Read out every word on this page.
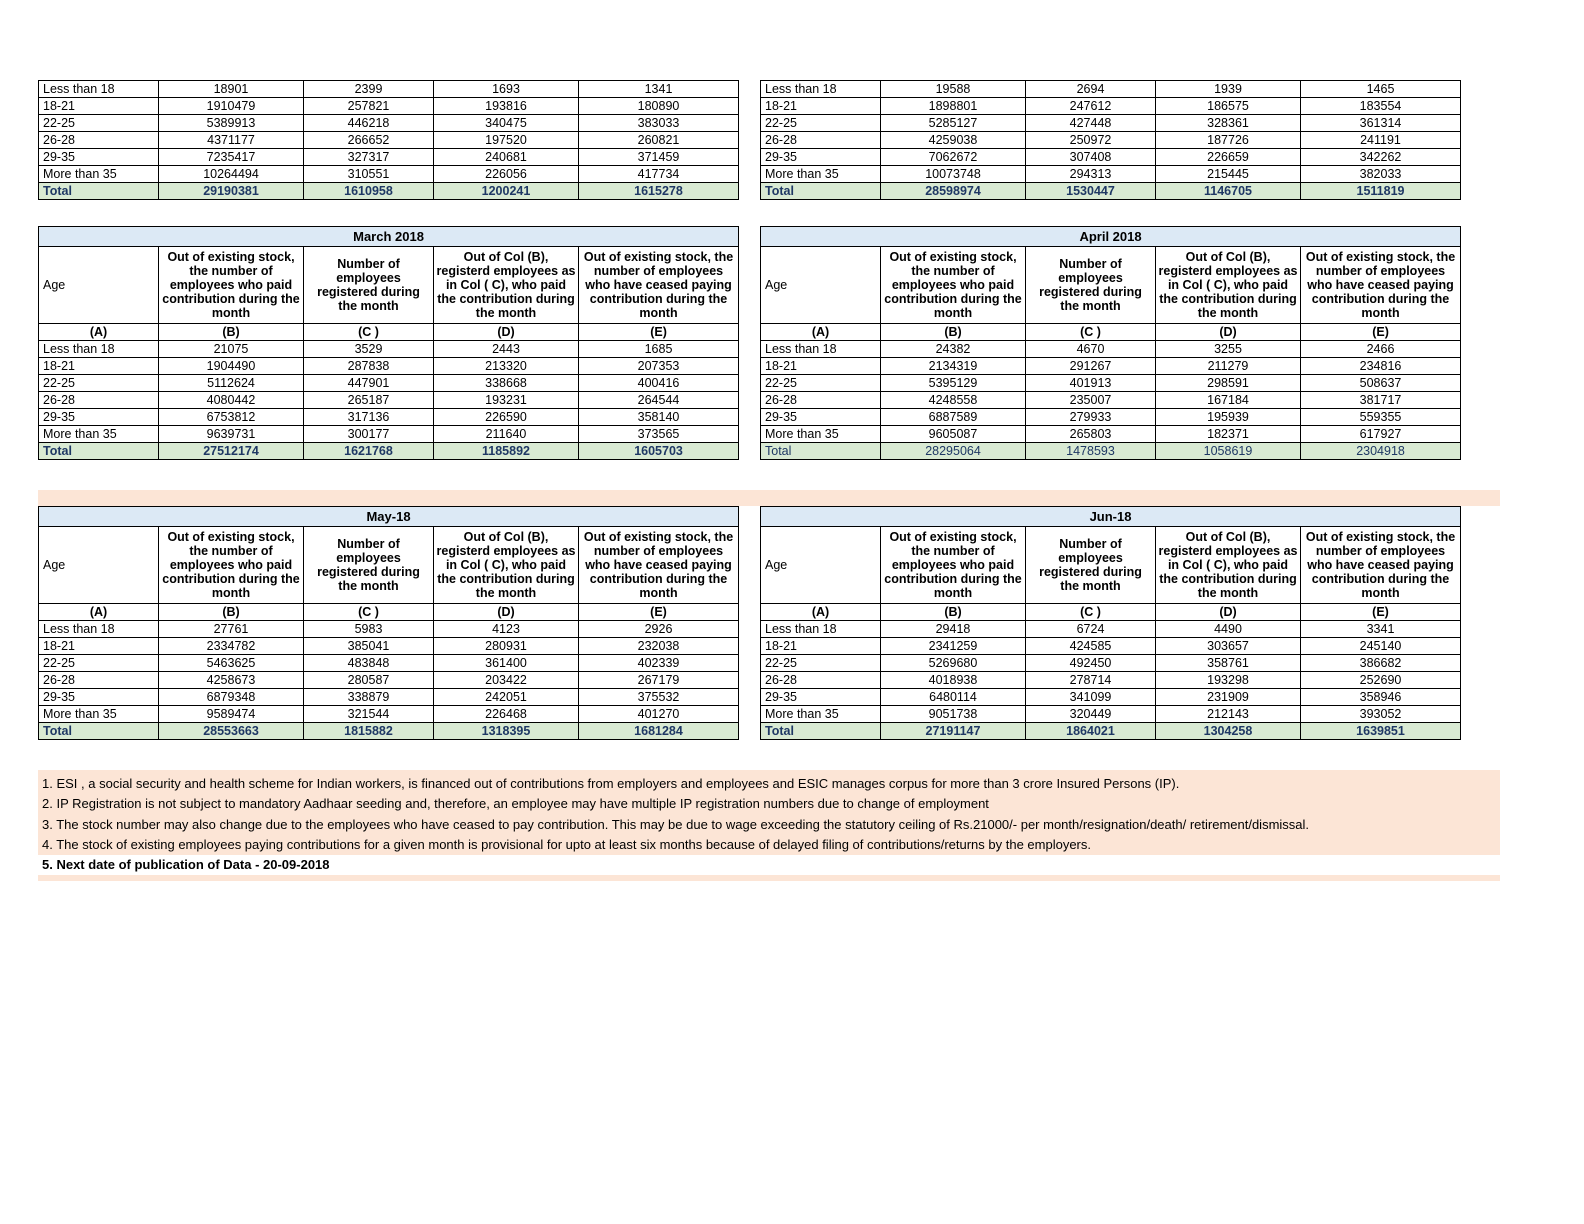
Less than 18	18901	2399	1693	1341
18-21	1910479	257821	193816	180890
22-25	5389913	446218	340475	383033
26-28	4371177	266652	197520	260821
29-35	7235417	327317	240681	371459
More than 35	10264494	310551	226056	417734
Total	29190381	1610958	1200241	1615278
Less than 18	19588	2694	1939	1465
18-21	1898801	247612	186575	183554
22-25	5285127	427448	328361	361314
26-28	4259038	250972	187726	241191
29-35	7062672	307408	226659	342262
More than 35	10073748	294313	215445	382033
Total	28598974	1530447	1146705	1511819
March 2018				
Age	Out of existing stock, the number of employees who paid contribution during the month	Number of employees registered during the month	Out of Col (B), registerd employees as in Col ( C), who paid the contribution during the month	Out of existing stock, the number of employees who have ceased paying contribution during the month
(A)	(B)	(C )	(D)	(E)
Less than 18	21075	3529	2443	1685
18-21	1904490	287838	213320	207353
22-25	5112624	447901	338668	400416
26-28	4080442	265187	193231	264544
29-35	6753812	317136	226590	358140
More than 35	9639731	300177	211640	373565
Total	27512174	1621768	1185892	1605703
April 2018				
Age	Out of existing stock, the number of employees who paid contribution during the month	Number of employees registered during the month	Out of Col (B), registerd employees as in Col ( C), who paid the contribution during the month	Out of existing stock, the number of employees who have ceased paying contribution during the month
(A)	(B)	(C )	(D)	(E)
Less than 18	24382	4670	3255	2466
18-21	2134319	291267	211279	234816
22-25	5395129	401913	298591	508637
26-28	4248558	235007	167184	381717
29-35	6887589	279933	195939	559355
More than 35	9605087	265803	182371	617927
Total	28295064	1478593	1058619	2304918
May-18				
Age	Out of existing stock, the number of employees who paid contribution during the month	Number of employees registered during the month	Out of Col (B), registerd employees as in Col ( C), who paid the contribution during the month	Out of existing stock, the number of employees who have ceased paying contribution during the month
(A)	(B)	(C )	(D)	(E)
Less than 18	27761	5983	4123	2926
18-21	2334782	385041	280931	232038
22-25	5463625	483848	361400	402339
26-28	4258673	280587	203422	267179
29-35	6879348	338879	242051	375532
More than 35	9589474	321544	226468	401270
Total	28553663	1815882	1318395	1681284
Jun-18				
Age	Out of existing stock, the number of employees who paid contribution during the month	Number of employees registered during the month	Out of Col (B), registerd employees as in Col ( C), who paid the contribution during the month	Out of existing stock, the number of employees who have ceased paying contribution during the month
(A)	(B)	(C )	(D)	(E)
Less than 18	29418	6724	4490	3341
18-21	2341259	424585	303657	245140
22-25	5269680	492450	358761	386682
26-28	4018938	278714	193298	252690
29-35	6480114	341099	231909	358946
More than 35	9051738	320449	212143	393052
Total	27191147	1864021	1304258	1639851
1. ESI , a social security and health scheme for Indian workers, is financed out of contributions from employers and employees and ESIC manages corpus for more than 3 crore Insured Persons (IP).
2. IP Registration is not subject to mandatory Aadhaar seeding and, therefore, an employee may have multiple IP registration numbers due to change of employment
3. The stock number may also change due to the employees who have ceased to pay contribution. This may be due to wage exceeding the statutory ceiling of Rs.21000/- per month/resignation/death/ retirement/dismissal.
4. The stock of existing employees paying contributions for a given month is provisional for upto at least six months because of delayed filing of contributions/returns by the employers.
5. Next date of publication of Data - 20-09-2018
